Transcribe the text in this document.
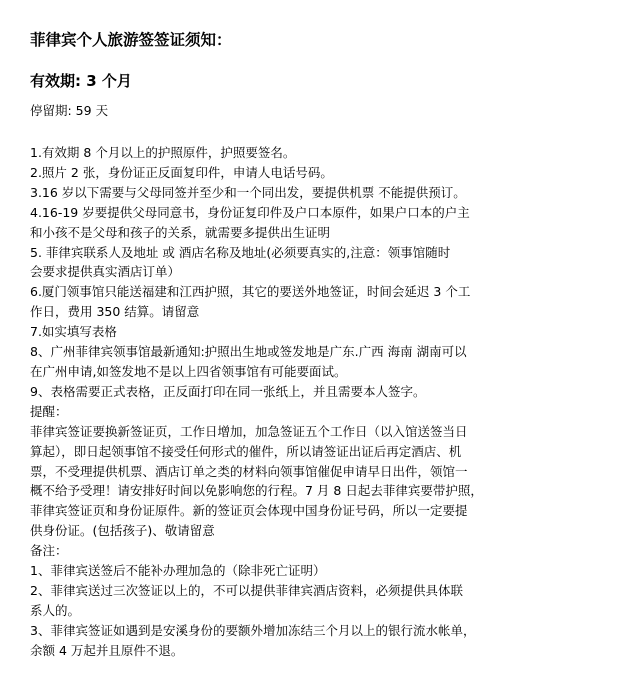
菲律宾个人旅游签签证须知：
有效期: 3 个月
停留期: 59 天

1.有效期 8 个月以上的护照原件，护照要签名。

2.照片 2 张，身份证正反面复印件，申请人电话号码。

3.16 岁以下需要与父母同签并至少和一个同出发，要提供机票 不能提供预订。

4.16-19 岁要提供父母同意书，身份证复印件及户口本原件，如果户口本的户主

和小孩不是父母和孩子的关系，就需要多提供出生证明

5. 菲律宾联系人及地址 或 酒店名称及地址(必须要真实的,注意：领事馆随时

会要求提供真实酒店订单）

6.厦门领事馆只能送福建和江西护照，其它的要送外地签证，时间会延迟 3 个工

作日，费用 350 结算。请留意

7.如实填写表格

8、广州菲律宾领事馆最新通知:护照出生地或签发地是广东.广西 海南 湖南可以

在广州申请,如签发地不是以上四省领事馆有可能要面试。

9、表格需要正式表格，正反面打印在同一张纸上，并且需要本人签字。

提醒：

菲律宾签证要换新签证页，工作日增加，加急签证五个工作日（以入馆送签当日

算起），即日起领事馆不接受任何形式的催件，所以请签证出证后再定酒店、机

票，不受理提供机票、酒店订单之类的材料向领事馆催促申请早日出件，领馆一

概不给予受理！请安排好时间以免影响您的行程。7 月 8 日起去菲律宾要带护照，

菲律宾签证页和身份证原件。新的签证页会体现中国身份证号码，所以一定要提

供身份证。(包括孩子)、敬请留意

备注：

1、菲律宾送签后不能补办理加急的（除非死亡证明）

2、菲律宾送过三次签证以上的，不可以提供菲律宾酒店资料，必须提供具体联

系人的。

3、菲律宾签证如遇到是安溪身份的要额外增加冻结三个月以上的银行流水帐单，

余额 4 万起并且原件不退。
